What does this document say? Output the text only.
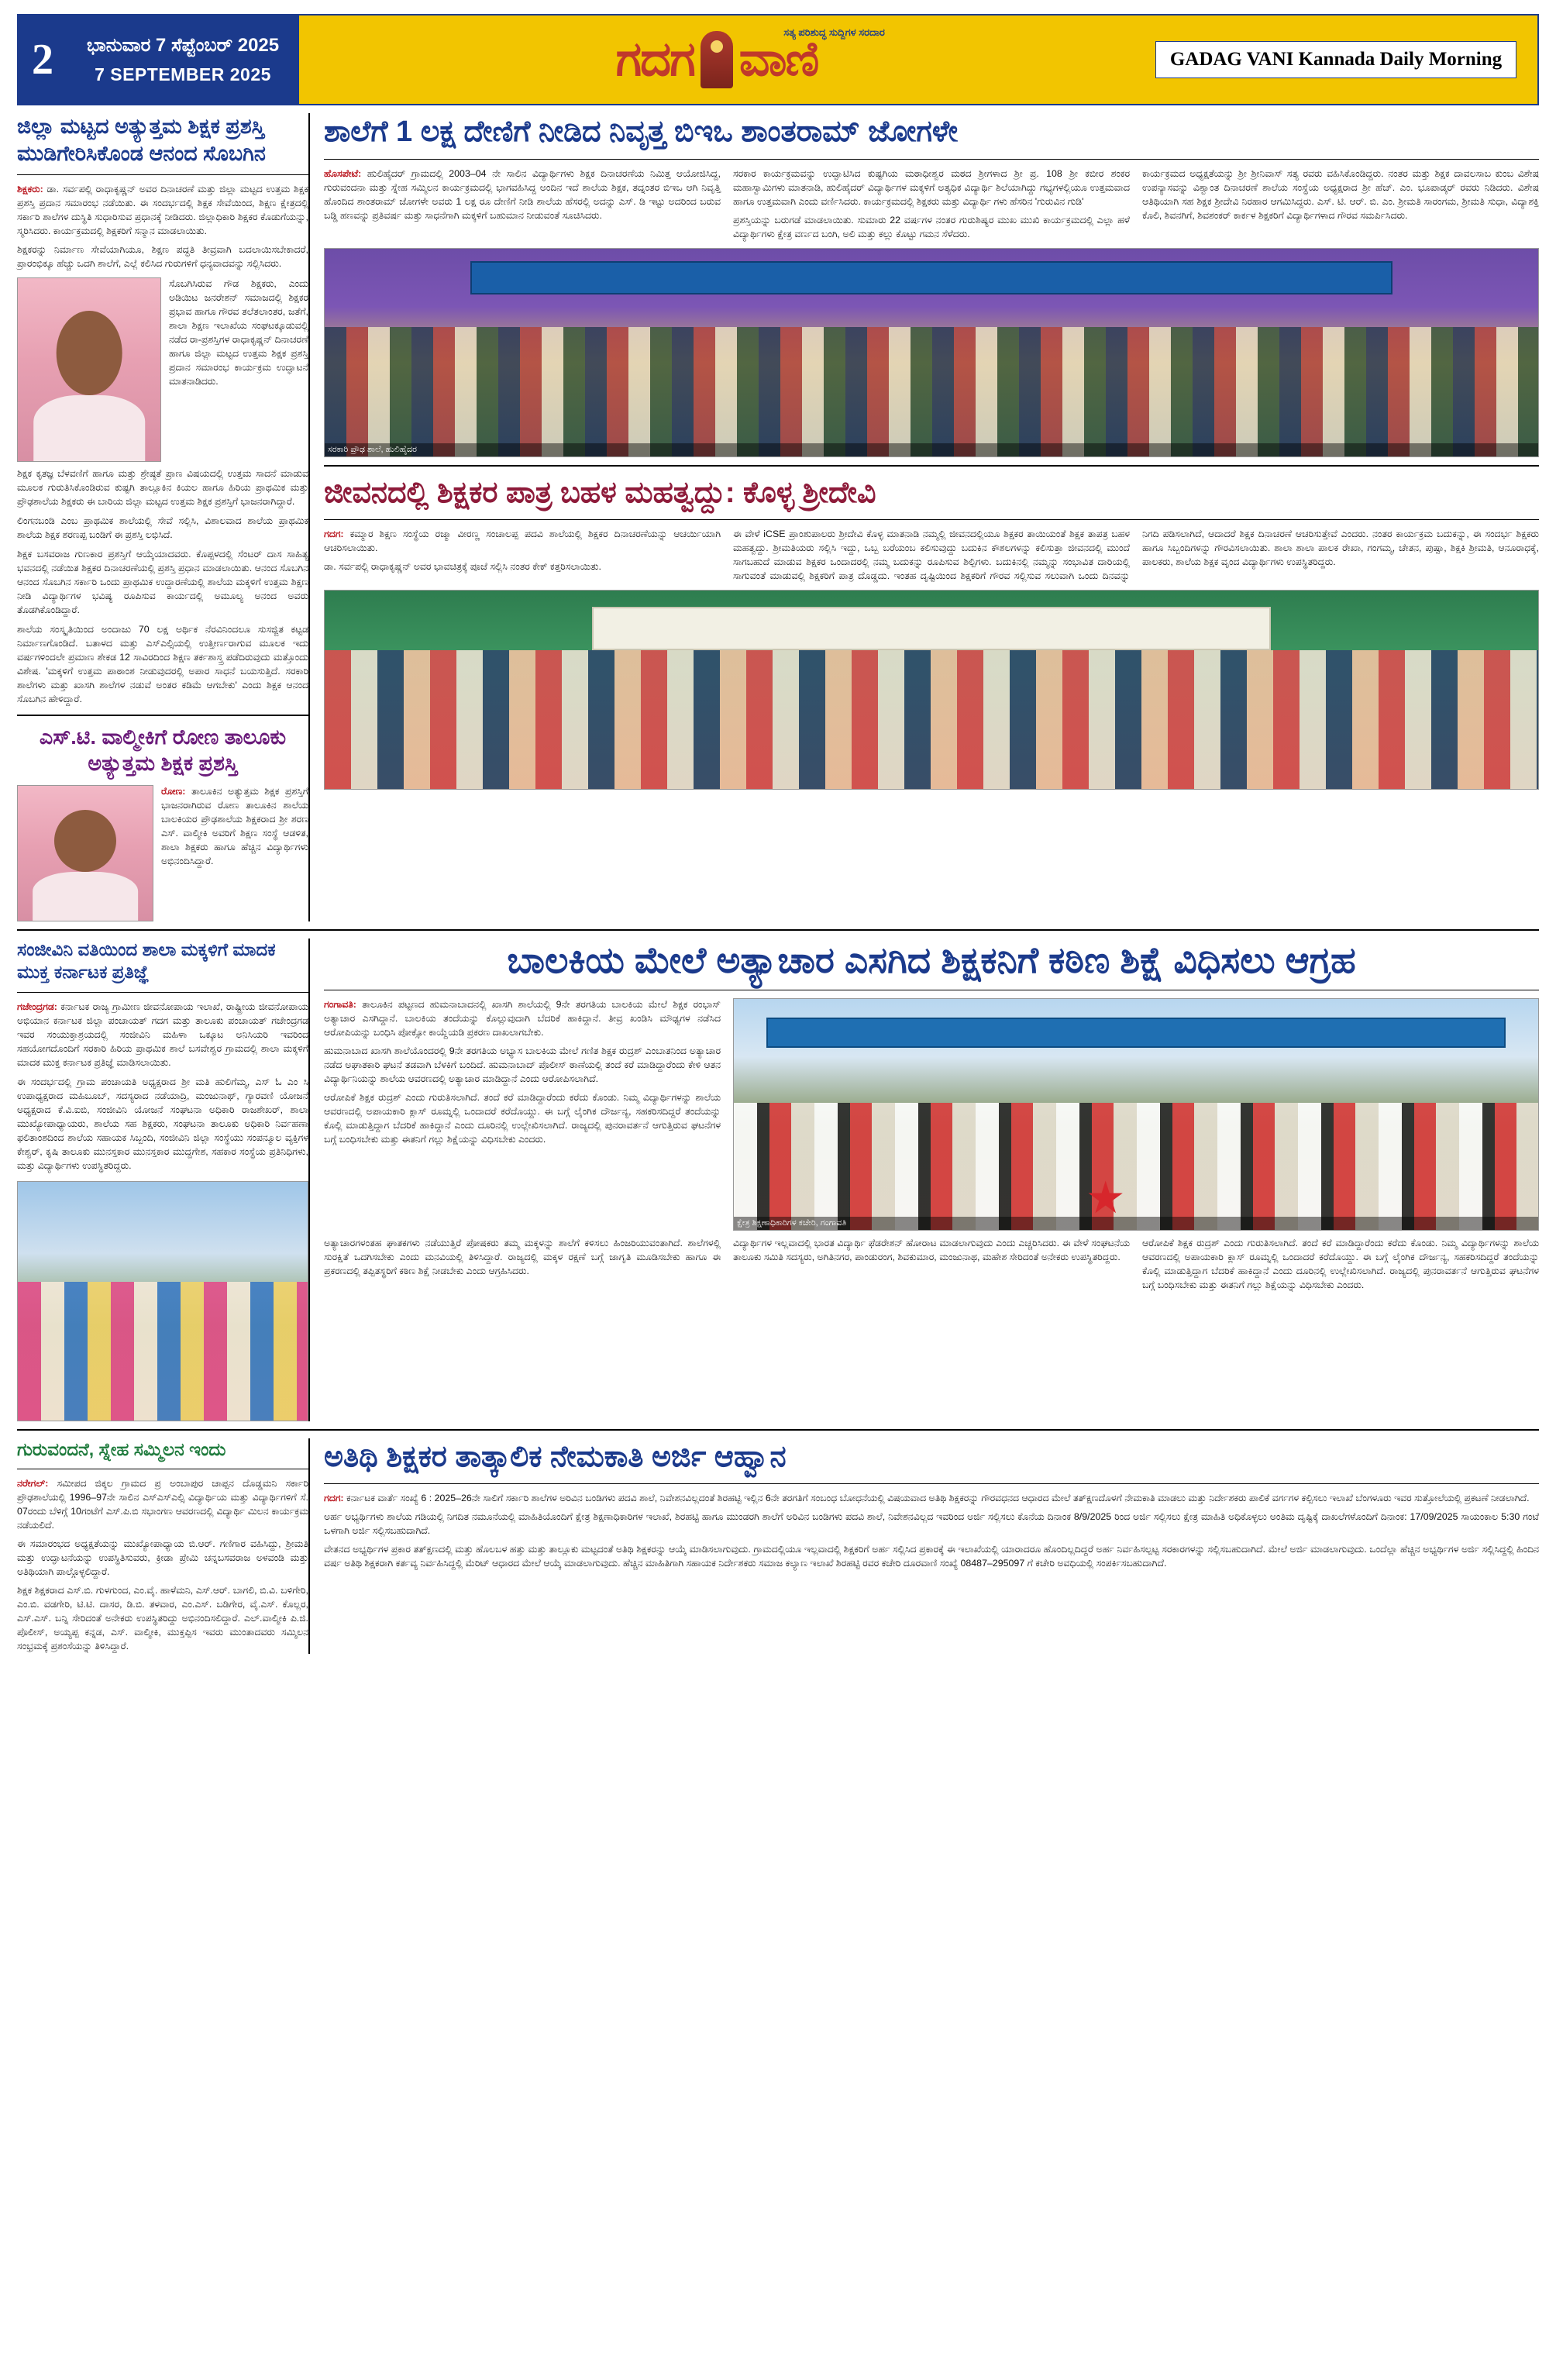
2	ಭಾನುವಾರ 7 ಸೆಪ್ಟೆಂಬರ್ 2025
7 SEPTEMBER 2025	ಗದಗ ವಾಣಿ
ಸತ್ಯ ಪರಿಶುದ್ಧ ಸುದ್ದಿಗಳ ಸರದಾರ
GADAG VANI Kannada Daily Morning
ಜಿಲ್ಲಾ ಮಟ್ಟದ ಅತ್ಯುತ್ತಮ ಶಿಕ್ಷಕ ಪ್ರಶಸ್ತಿ ಮುಡಿಗೇರಿಸಿಕೊಂಡ ಆನಂದ ಸೊಬಗಿನ
ಶಿಕ್ಷಕರು: ಡಾ. ಸರ್ವಪಲ್ಲಿ ರಾಧಾಕೃಷ್ಣನ್ ಅವರ ದಿನಾಚರಣೆ ಮತ್ತು ಜಿಲ್ಲಾ ಮಟ್ಟದ ಉತ್ತಮ ಶಿಕ್ಷಕ ಪ್ರಶಸ್ತಿ ಪ್ರದಾನ ಸಮಾರಂಭ ನಡೆಯಿತು. ಈ ಸಂದರ್ಭದಲ್ಲಿ ಶಿಕ್ಷಕ ಸೇವೆಯಿಂದ, ಶಿಕ್ಷಣ ಕ್ಷೇತ್ರದಲ್ಲಿ ಸರ್ಕಾರಿ ಶಾಲೆಗಳ ದುಸ್ಥಿತಿ ಸುಧಾರಿಸುವ ಪ್ರಧಾನಕ್ಕೆ ನೀಡಿದರು. ಜಿಲ್ಲಾಧಿಕಾರಿ ಶಿಕ್ಷಕರ ಕೊಡುಗೆಯನ್ನು, ಸ್ಮರಿಸಿದರು. ಕಾರ್ಯಕ್ರಮದಲ್ಲಿ ಶಿಕ್ಷಕರಿಗೆ ಸನ್ಮಾನ ಮಾಡಲಾಯಿತು.
ಶಿಕ್ಷಕರನ್ನು ನಿರ್ಮಾಣ ಸೇವೆಯಾಗಿಯೂ, ಶಿಕ್ಷಣ ಪದ್ಧತಿ ತೀವ್ರವಾಗಿ ಬದಲಾಯಿಸಬೇಕಾದರೆ, ಪ್ರಾರಂಭಿಕ್ಕೂ ಹೆಚ್ಚು ಒದಗಿ ಶಾಲೆಗೆ, ಎಲ್ಲೆ ಕಲಿಸಿದ ಗುರುಗಳಿಗೆ ಧನ್ಯವಾದವನ್ನು ಸಲ್ಲಿಸಿದರು.
ಸೊಬಗಿಸಿರುವ ಗೌಡ ಶಿಕ್ಷಕರು, ಎಂದು ಅಡಿಯಿಟ ಜನರೇಶನ್ ಸಮಾಜದಲ್ಲಿ ಶಿಕ್ಷಕರ ಪ್ರಭಾವ ಹಾಗೂ ಗೌರವ ತಲೆತಲಾಂತರ, ಜತೆಗೆ, ಶಾಲಾ ಶಿಕ್ಷಣ ಇಲಾಖೆಯ ಸಂಘಟಕ್ಕೂಡುವಲ್ಲಿ ನಡೆದ ರಾ-ಪ್ರಶಸ್ತಿಗಳ ರಾಧಾಕೃಷ್ಣನ್ ದಿನಾಚರಣೆ ಹಾಗೂ ಜಿಲ್ಲಾ ಮಟ್ಟದ ಉತ್ತಮ ಶಿಕ್ಷಕ ಪ್ರಶಸ್ತಿ ಪ್ರದಾನ ಸಮಾರಂಭ ಕಾರ್ಯಕ್ರಮ ಉದ್ಘಾಟನೆ ಮಾತನಾಡಿದರು.
ಶಿಕ್ಷಕ ಕೃತಜ್ಞ ಬೆಳವಣಿಗೆ ಹಾಗೂ ಮತ್ತು ಶ್ರೇಷ್ಠತೆ ಪ್ರಾಣ ವಿಷಯದಲ್ಲಿ ಉತ್ತಮ ಸಾದನೆ ಮಾಡುವ ಮೂಲಕ ಗುರುತಿಸಿಕೊಂಡಿರುವ ಕುಷ್ಟಗಿ ತಾಲ್ಲೂಕಿನ ಕಿಯಲ ಹಾಗೂ ಹಿರಿಯ ಪ್ರಾಥಮಿಕ ಮತ್ತು ಪ್ರೌಢಶಾಲೆಯ ಶಿಕ್ಷಕರು ಈ ಬಾರಿಯ ಜಿಲ್ಲಾ ಮಟ್ಟದ ಉತ್ತಮ ಶಿಕ್ಷಕ ಪ್ರಶಸ್ತಿಗೆ ಭಾಜನರಾಗಿದ್ದಾರೆ.
ಲಿಂಗನಬಂಡಿ ಎಂಬ ಪ್ರಾಥಮಿಕ ಶಾಲೆಯಲ್ಲಿ ಸೇವೆ ಸಲ್ಲಿಸಿ, ವಿಶಾಲವಾದ ಶಾಲೆಯ ಪ್ರಾಥಮಿಕ ಶಾಲೆಯ ಶಿಕ್ಷಕ ಶರಣಪ್ಪ ಬಂಡಿಗೆ ಈ ಪ್ರಶಸ್ತಿ ಲಭಿಸಿದೆ.
ಶಿಕ್ಷಕ ಬಸವರಾಜ ಗುಣಕಾರ ಪ್ರಶಸ್ತಿಗೆ ಆಯ್ಕೆಯಾದವರು. ಕೊಪ್ಪಳದಲ್ಲಿ ಸೆಂಟರ್ ದಾಸ ಸಾಹಿತ್ಯ ಭವನದಲ್ಲಿ ನಡೆಯಿತ ಶಿಕ್ಷಕರ ದಿನಾಚರಣೆಯಲ್ಲಿ ಪ್ರಶಸ್ತಿ ಪ್ರಧಾನ ಮಾಡಲಾಯಿತು. ಆನಂದ ಸೊಬಗಿನ ಆನಂದ ಸೊಬಗಿನ ಸರ್ಕಾರಿ ಒಂದು ಪ್ರಾಥಮಿಕ ಉದ್ದಾರಣೆಯಲ್ಲಿ ಶಾಲೆಯ ಮಕ್ಕಳಿಗೆ ಉತ್ತಮ ಶಿಕ್ಷಣ ನೀಡಿ ವಿದ್ಯಾರ್ಥಿಗಳ ಭವಿಷ್ಯ ರೂಪಿಸುವ ಕಾರ್ಯದಲ್ಲಿ ಅಮೂಲ್ಯ ಅನಂದ ಅವರು ತೊಡಗಿಕೊಂಡಿದ್ದಾರೆ.
ಶಾಲೆಯ ಸಂಸ್ಕೃತಿಯಿಂದ ಅಂದಾಜು 70 ಲಕ್ಷ ಅರ್ಥಿಕ ನೆರವಿನಿಂದಲೂ ಸುಸಜ್ಜಿತ ಕಟ್ಟಡ ನಿರ್ಮಾಣಗೊಂಡಿದೆ. ಬತಾಳದ ಮತ್ತು ಎಸ್ಎಲ್ಸಿಯಲ್ಲಿ ಉತ್ತೀರ್ಣರಾಗುವ ಮೂಲಕ ಇದು ವರ್ಷಗಳಿಂದಲೇ ಪ್ರಮಾಣ ಶೇಕಡ 12 ಸಾವಿರದಿಂದ ಶಿಕ್ಷಣ ತರ್ಕಶಾಸ್ತ್ರ ಪಡೆದಿರುವುದು ಮತ್ತೊಂದು ವಿಶೇಷ. 'ಮಕ್ಕಳಿಗೆ ಉತ್ತಮ ಪಾಠಾಂಶ ನೀಡುವುದರಲ್ಲಿ ಅಪಾರ ಸಾಧನೆ ಬಯಸುತ್ತಿದೆ. ಸರಕಾರಿ ಶಾಲೆಗಳು ಮತ್ತು ಖಾಸಗಿ ಶಾಲೆಗಳ ನಡುವೆ ಅಂತರ ಕಡಿಮೆ ಆಗಬೇಕು' ಎಂದು ಶಿಕ್ಷಕ ಆನಂದ ಸೊಬಗಿನ ಹೇಳಿದ್ದಾರೆ.
ಎಸ್.ಟಿ. ವಾಲ್ಮೀಕಿಗೆ ರೋಣ ತಾಲೂಕು ಅತ್ಯುತ್ತಮ ಶಿಕ್ಷಕ ಪ್ರಶಸ್ತಿ
ರೋಣ: ತಾಲೂಕಿನ ಅತ್ಯುತ್ತಮ ಶಿಕ್ಷಕ ಪ್ರಶಸ್ತಿಗೆ ಭಾಜನರಾಗಿರುವ ರೋಣ ತಾಲೂಕಿನ ಶಾಲೆಯ ಬಾಲಕಿಯರ ಪ್ರೌಢಶಾಲೆಯ ಶಿಕ್ಷಕರಾದ ಶ್ರೀ ಶರಣ ಎಸ್. ವಾಲ್ಮೀಕಿ ಅವರಿಗೆ ಶಿಕ್ಷಣ ಸಂಸ್ಥೆ ಆಡಳಿತ, ಶಾಲಾ ಶಿಕ್ಷಕರು ಹಾಗೂ ಹೆಚ್ಚಿನ ವಿದ್ಯಾರ್ಥಿಗಳು ಅಭಿನಂದಿಸಿದ್ದಾರೆ.
ಶಾಲೆಗೆ 1 ಲಕ್ಷ ದೇಣಿಗೆ ನೀಡಿದ ನಿವೃತ್ತ ಬಿಇಒ ಶಾಂತರಾಮ್ ಜೋಗಳೇ
ಹೊಸಪೇಟೆ: ಹುಲಿಹೈದರ್ ಗ್ರಾಮದಲ್ಲಿ 2003–04 ನೇ ಸಾಲಿನ ವಿದ್ಯಾರ್ಥಿಗಳು ಶಿಕ್ಷಕ ದಿನಾಚರಣೆಯ ನಿಮಿತ್ತ ಆಯೋಜಿಸಿದ್ದ, ಗುರುವಂದನಾ ಮತ್ತು ಸ್ನೇಹ ಸಮ್ಮಿಲನ ಕಾರ್ಯಕ್ರಮದಲ್ಲಿ ಭಾಗವಹಿಸಿದ್ದ ಅಂದಿನ ಇದೆ ಶಾಲೆಯ ಶಿಕ್ಷಕ, ತದ್ನಂತರ ಬಿಇಒ ಆಗಿ ನಿವೃತ್ತಿ ಹೊಂದಿದ ಶಾಂತರಾಮ್ ಜೋಗಳೇ ಅವರು 1 ಲಕ್ಷ ರೂ ದೇಣಿಗೆ ನೀಡಿ ಶಾಲೆಯ ಹೆಸರಲ್ಲಿ ಅದನ್ನು ಎಸ್. ಡಿ ಇಟ್ಟು ಅದರಿಂದ ಬರುವ ಬಡ್ಡಿ ಹಣವನ್ನು ಪ್ರತಿವರ್ಷ ಮತ್ತು ಸಾಧನೆಗಾಗಿ ಮಕ್ಕಳಿಗೆ ಬಹುಮಾನ ನೀಡುವಂತೆ ಸೂಚಿಸಿದರು.
ಸರಕಾರ ಕಾರ್ಯಕ್ರಮವನ್ನು ಉದ್ಘಾಟಿಸಿದ ಕುಷ್ಟಗಿಯ ಮಠಾಧೀಶ್ವರ ಮಠದ ಶ್ರೀಗಳಾದ ಶ್ರೀ ಪ್ರ. 108 ಶ್ರೀ ಕಬೀರ ಶಂಕರ ಮಹಾಸ್ವಾಮಿಗಳು ಮಾತನಾಡಿ, ಹುಲಿಹೈದರ್ ವಿದ್ಯಾರ್ಥಿಗಳ ಮಕ್ಕಳಿಗೆ ಅತ್ಯಧಿಕ ವಿದ್ಯಾರ್ಥಿ ಶಿಲೆಯಾಗಿದ್ದು ಗಭ್ಯಗಳಲ್ಲಿಯೂ ಉತ್ತಮವಾದ ಹಾಗೂ ಉತ್ತಮವಾಗಿ ಎಂದು ವರ್ಣಿಸಿದರು. ಕಾರ್ಯಕ್ರಮದಲ್ಲಿ ಶಿಕ್ಷಕರು ಮತ್ತು ವಿದ್ಯಾರ್ಥಿ ಗಳು ಹೆಸರಿನ 'ಗುರುವಿನ ಗುಡಿ'
ಪ್ರಶಸ್ತಿಯನ್ನು ಬರುಗಡೆ ಮಾಡಲಾಯಿತು. ಸುಮಾರು 22 ವರ್ಷಗಳ ನಂತರ ಗುರುಶಿಷ್ಯರ ಮುಖ ಮುಖಿ ಕಾರ್ಯಕ್ರಮದಲ್ಲಿ ಎಲ್ಲಾ ಹಳೆ ವಿದ್ಯಾರ್ಥಿಗಳು ಕ್ಷೇತ್ರ ವರ್ಣದ ಬಂಗಿ, ಅಲಿ ಮತ್ತು ಕಲ್ಲು ಕೊಟ್ಟು ಗಮನ ಸೆಳೆದರು.
ಕಾರ್ಯಕ್ರಮದ ಅಧ್ಯಕ್ಷತೆಯನ್ನು ಶ್ರೀ ಶ್ರೀನಿವಾಸ್ ಸತ್ಯ ರವರು ವಹಿಸಿಕೊಂಡಿದ್ದರು. ನಂತರ ಮತ್ತು ಶಿಕ್ಷಕ ದಾವಲಸಾಬ ಕುಂಬ ವಿಶೇಷ ಉಪನ್ಯಾಸವನ್ನು ವಿಶ್ವಾಂತ ದಿನಾಚರಣೆ ಶಾಲೆಯ ಸಂಸ್ಥೆಯ ಅಧ್ಯಕ್ಷರಾದ ಶ್ರೀ ಹೆಚ್. ಎಂ. ಭೂಪಾಡ್ಕರ್ ರವರು ನಿಡಿದರು. ವಿಶೇಷ ಆತಿಥಿಯಾಗಿ ಸಹ ಶಿಕ್ಷಕ ಶ್ರೀದೇವಿ ನಿರಹಾರ ಆಗಮಿಸಿದ್ದರು. ಎಸ್. ಟಿ. ಆರ್. ಬಿ. ಎಂ. ಶ್ರೀಮತಿ ಸಾರಂಗಮ, ಶ್ರೀಮತಿ ಸುಧಾ, ವಿದ್ಯಾಶಕ್ತಿ ಕೊಲಿ, ಶಿವನಗಿಗೆ, ಶಿವಶಂಕರ್ ಕಾರ್ಕಳ ಶಿಕ್ಷಕರಿಗೆ ವಿದ್ಯಾರ್ಥಿಗಳಾದ ಗೌರವ ಸಮರ್ಪಿಸಿದರು.
ಸರಕಾರಿ ಪ್ರೌಢ ಶಾಲೆ, ಹುಲಿಹೈದರ
ಜೀವನದಲ್ಲಿ ಶಿಕ್ಷಕರ ಪಾತ್ರ ಬಹಳ ಮಹತ್ವದ್ದು: ಕೊಳ್ಳ ಶ್ರೀದೇವಿ
ಗದಗ: ಕಮ್ಮಾರ ಶಿಕ್ಷಣ ಸಂಸ್ಥೆಯ ರಜ್ಮಾ ವೀರಣ್ಣ ಸಂಚಾಲಪ್ಪ ಪದವಿ ಶಾಲೆಯಲ್ಲಿ ಶಿಕ್ಷಕರ ದಿನಾಚರಣೆಯನ್ನು ಆಚರ್ಯಿಯಾಗಿ ಆಚರಿಸಲಾಯಿತು.
ಡಾ. ಸರ್ವಪಲ್ಲಿ ರಾಧಾಕೃಷ್ಣನ್ ಅವರ ಭಾವಚಿತ್ರಕ್ಕೆ ಪೂಜೆ ಸಲ್ಲಿಸಿ ನಂತರ ಕೇಕ್ ಕತ್ತರಿಸಲಾಯಿತು.
ಈ ವೇಳೆ iCSE ಪ್ರಾಂಶುಪಾಲರು ಶ್ರೀದೇವಿ ಕೊಳ್ಳ ಮಾತನಾಡಿ ನಮ್ಮಲ್ಲಿ ಜೀವನದಲ್ಲಿಯೂ ಶಿಕ್ಷಕರ ತಾಯಿಯಂತೆ ಶಿಕ್ಷಕ ತಾಪತ್ರ ಬಹಳ ಮಹತ್ವದ್ದು. ಶ್ರೀಮತಿಯರು ಸಲ್ಲಿಸಿ ಇದ್ದು, ಒಬ್ಬ ಬರೆಯಂಬ ಕಲಿಸುವುದ್ದು ಬದುಕಿನ ಕೌಶಲಗಳನ್ನು ಕಲಿಸುತ್ತಾ ಜೀವನದಲ್ಲಿ ಮುಂದೆ ಸಾಗಬಹುದೆ ಮಾಡುವ ಶಿಕ್ಷಕರ ಒಂದಾದರಲ್ಲಿ ನಮ್ಮ ಬದುಕನ್ನು ರೂಪಿಸುವ ಶಿಲ್ಪಿಗಳು. ಬದುಕಿನಲ್ಲಿ ನಮ್ಮನ್ನು ಸಂಭಾವಿತ ದಾರಿಯಲ್ಲಿ ಸಾಗುವಂತೆ ಮಾಡುವಲ್ಲಿ ಶಿಕ್ಷಕರಿಗೆ ಪಾತ್ರ ದೊಡ್ಡದು. ಇಂತಹ ದೃಷ್ಟಿಯಿಂದ ಶಿಕ್ಷಕರಿಗೆ ಗೌರವ ಸಲ್ಲಿಸುವ ಸಲುವಾಗಿ ಒಂದು ದಿನವನ್ನು ನಿಗದಿ ಪಡಿಸಲಾಗಿದೆ, ಆದಾದರೆ ಶಿಕ್ಷಕ ದಿನಾಚರಣೆ ಆಚರಿಸುತ್ತೇವೆ ಎಂದರು. ನಂತರ ಕಾರ್ಯಕ್ರಮ ಬದುಕನ್ನು, ಈ ಸಂದರ್ಭ ಶಿಕ್ಷಕರು ಹಾಗೂ ಸಿಬ್ಬಂದಿಗಳನ್ನು ಗೌರವಿಸಲಾಯಿತು. ಶಾಲಾ ಶಾಲಾ ಪಾಲಕ ರೇಖಾ, ಗಂಗಮ್ಮ, ಚೇತನ, ಪುಷ್ಪಾ, ಶಿಕ್ಷಕಿ ಶ್ರೀಮತಿ, ಆನೂರಾಧಕ್ಕೆ, ಪಾಲಕರು, ಶಾಲೆಯ ಶಿಕ್ಷಕ ವೃಂದ ವಿದ್ಯಾರ್ಥಿಗಳು ಉಪಸ್ಥಿತರಿದ್ದರು.
ಸಂಜೀವಿನಿ ವತಿಯಿಂದ ಶಾಲಾ ಮಕ್ಕಳಿಗೆ ಮಾದಕ ಮುಕ್ತ ಕರ್ನಾಟಕ ಪ್ರತಿಜ್ಞೆ
ಗಜೇಂದ್ರಗಡ: ಕರ್ನಾಟಕ ರಾಜ್ಯ ಗ್ರಾಮೀಣ ಜೀವನೋಪಾಯ ಇಲಾಖೆ, ರಾಷ್ಟ್ರೀಯ ಜೀವನೋಪಾಯ ಅಭಿಯಾನ ಕರ್ನಾಟಕ ಜಿಲ್ಲಾ ಪಂಚಾಯತ್ ಗದಗ ಮತ್ತು ತಾಲೂಕು ಪಂಚಾಯತ್ ಗಜೇಂದ್ರಗಡ ಇವರ ಸಂಯುಕ್ತಾಶ್ರಯದಲ್ಲಿ ಸಂಜೀವಿನಿ ಮಹಿಳಾ ಒಕ್ಕೂಟ ಅನಿಸಿಯರಿ ಇವರಿಂದ ಸಹಯೋಗದೊಂದಿಗೆ ಸರಕಾರಿ ಹಿರಿಯ ಪ್ರಾಥಮಿಕ ಶಾಲೆ ಬಸವೇಶ್ವರ ಗ್ರಾಮದಲ್ಲಿ ಶಾಲಾ ಮಕ್ಕಳಿಗೆ ಮಾದಕ ಮುಕ್ತ ಕರ್ನಾಟಕ ಪ್ರತಿಜ್ಞೆ ಮಾಡಿಸಲಾಯಿತು.
ಈ ಸಂದರ್ಭದಲ್ಲಿ ಗ್ರಾಮ ಪಂಚಾಯತಿ ಅಧ್ಯಕ್ಷರಾದ ಶ್ರೀ ಮತಿ ಹುಲಿಗೆಮ್ಮ, ಎಸ್ ಓ ಎಂ ಸಿ ಉಪಾಧ್ಯಕ್ಷರಾದ ಮಹಿಬೂಬ್, ಸದಸ್ಯರಾದ ನಡೆಯಾದ್ರಿ, ಮಂಜುನಾಥ್, ಗ್ಯಾರವಣಿ ಯೋಜನೆ ಅಧ್ಯಕ್ಷರಾದ ಕೆ.ವಿ.ಐಬಿ, ಸಂಜೀವಿನಿ ಯೋಜನೆ ಸಂಘಟನಾ ಅಧಿಕಾರಿ ರಾಜಶೇಖರ್, ಶಾಲಾ ಮುಖ್ಯೋಪಾಧ್ಯಾಯರು, ಶಾಲೆಯ ಸಹ ಶಿಕ್ಷಕರು, ಸಂಘಟನಾ ತಾಲೂಕು ಅಧಿಕಾರಿ ನಿರ್ವಹಣಾ ಫಲಿತಾಂಶದಿಂದ ಶಾಲೆಯ ಸಹಾಯಕ ಸಿಬ್ಬಂದಿ, ಸಂಜೀವಿನಿ ಜಿಲ್ಲಾ ಸಂಸ್ಥೆಯು ಸಂಪನ್ಮೂಲ ವ್ಯಕ್ತಿಗಳ ಕೇಶ್ವರ್, ಕೃಷಿ ತಾಲೂಕು ಮುನಸ್ತಕಾರ ಮುನಸ್ತಕಾರ ಮುದ್ದಗೇಶ, ಸಹಕಾರ ಸಂಸ್ಥೆಯ ಪ್ರತಿನಿಧಿಗಳು, ಮತ್ತು ವಿದ್ಯಾರ್ಥಿಗಳು ಉಪಸ್ಥಿತರಿದ್ದರು.
ಬಾಲಕಿಯ ಮೇಲೆ ಅತ್ಯಾಚಾರ ಎಸಗಿದ ಶಿಕ್ಷಕನಿಗೆ ಕಠಿಣ ಶಿಕ್ಷೆ ವಿಧಿಸಲು ಆಗ್ರಹ
ಗಂಗಾವತಿ: ತಾಲೂಕಿನ ಪಟ್ಟಣದ ಹುಮನಾಬಾದನಲ್ಲಿ ಖಾಸಗಿ ಶಾಲೆಯಲ್ಲಿ 9ನೇ ತರಗತಿಯ ಬಾಲಕಿಯ ಮೇಲೆ ಶಿಕ್ಷಕ ರಂಭಾಸ್ ಅತ್ಯಾಚಾರ ಎಸಗಿದ್ದಾನೆ. ಬಾಲಕಿಯ ತಂದೆಯನ್ನು ಕೊಲ್ಲುವುದಾಗಿ ಬೆದರಿಕೆ ಹಾಕಿದ್ದಾನೆ. ತೀವ್ರ ಖಂಡಿಸಿ ಮೌಢ್ಯಗಳ ನಡೆಸಿದ ಆರೋಪಿಯನ್ನು ಬಂಧಿಸಿ ಪೋಕ್ಸೋ ಕಾಯ್ದೆಯಡಿ ಪ್ರಕರಣ ದಾಖಲಾಗಬೇಕು.
ಹುಮನಾಬಾದ ಖಾಸಗಿ ಶಾಲೆಯೊಂದರಲ್ಲಿ 9ನೇ ತರಗತಿಯ ಅಭ್ಯಾಸ ಬಾಲಕಿಯ ಮೇಲೆ ಗಣಿತ ಶಿಕ್ಷಕ ರುದ್ರಶ್ ಎಂಬಾತನಿಂದ ಅತ್ಯಾಚಾರ ನಡೆದ ಅಘಾತಕಾರಿ ಘಟನೆ ತಡವಾಗಿ ಬೆಳಕಿಗೆ ಬಂದಿದೆ. ಹುಮನಾಬಾದ್ ಪೊಲೀಸ್ ಠಾಣೆಯಲ್ಲಿ ತಂದೆ ಕರೆ ಮಾಡಿದ್ದಾರೆಂದು ಕೇಳಿ ಆತನ ವಿದ್ಯಾರ್ಥಿನಿಯನ್ನು ಶಾಲೆಯ ಆವರಣದಲ್ಲಿ ಅತ್ಯಾಚಾರ ಮಾಡಿದ್ದಾನೆ ಎಂದು ಆರೋಪಿಸಲಾಗಿದೆ.
ಆರೋಪಿಕೆ ಶಿಕ್ಷಕ ರುದ್ರಶ್ ಎಂದು ಗುರುತಿಸಲಾಗಿದೆ. ತಂದೆ ಕರೆ ಮಾಡಿದ್ದಾರೆಂದು ಕರೆದು ಕೊಂಡು. ನಿಮ್ಮ ವಿದ್ಯಾರ್ಥಿಗಳನ್ನು ಶಾಲೆಯ ಆವರಣದಲ್ಲಿ ಅಪಾಯಕಾರಿ ಕ್ಲಾಸ್ ರೂಮ್ನಲ್ಲಿ ಒಂದಾದರೆ ಕರೆದೊಯ್ದು. ಈ ಬಗ್ಗೆ ಲೈಂಗಿಕ ದೌರ್ಜನ್ಯ, ಸಹಕರಿಸದಿದ್ದರೆ ತಂದೆಯನ್ನು ಕೊಲ್ಲಿ ಮಾಡುತ್ತಿದ್ದಾಗ ಬೆದರಿಕೆ ಹಾಕಿದ್ದಾನೆ ಎಂದು ದೂರಿನಲ್ಲಿ ಉಲ್ಲೇಖಿಸಲಾಗಿದೆ. ರಾಜ್ಯದಲ್ಲಿ ಪುನರಾವರ್ತನೆ ಆಗುತ್ತಿರುವ ಘಟನೆಗಳ ಬಗ್ಗೆ ಬಂಧಿಸಬೇಕು ಮತ್ತು ಈತನಿಗೆ ಗಲ್ಲು ಶಿಕ್ಷೆಯನ್ನು ವಿಧಿಸಬೇಕು ಎಂದರು.
ಕ್ಷೇತ್ರ ಶಿಕ್ಷಣಾಧಿಕಾರಿಗಳ ಕಚೇರಿ, ಗಂಗಾವತಿ
ಅತ್ಯಾಚಾರಗಳಂತಹ ಘಾತಕಗಳು ನಡೆಯುತ್ತಿರೆ ಪೋಷಕರು ತಮ್ಮ ಮಕ್ಕಳನ್ನು ಶಾಲೆಗೆ ಕಳಿಸಲು ಹಿಂಜರಿಯುವಂತಾಗಿದೆ. ಶಾಲೆಗಳಲ್ಲಿ ಸುರಕ್ಷಿತೆ ಒದಗಿಸಬೇಕು ಎಂದು ಮನವಿಯಲ್ಲಿ ತಿಳಿಸಿದ್ದಾರೆ. ರಾಜ್ಯದಲ್ಲಿ ಮಕ್ಕಳ ರಕ್ಷಣೆ ಬಗ್ಗೆ ಜಾಗೃತಿ ಮೂಡಿಸಬೇಕು ಹಾಗೂ ಈ ಪ್ರಕರಣದಲ್ಲಿ ತಪ್ಪಿತಸ್ಥರಿಗೆ ಕಠಿಣ ಶಿಕ್ಷೆ ನೀಡಬೇಕು ಎಂದು ಆಗ್ರಹಿಸಿದರು.
ವಿದ್ಯಾರ್ಥಿಗಳ ಇಲ್ಲವಾದಲ್ಲಿ ಭಾರತ ವಿದ್ಯಾರ್ಥಿ ಫೆಡರೇಶನ್ ಹೋರಾಟ ಮಾಡಲಾಗುವುದು ಎಂದು ಎಚ್ಚರಿಸಿದರು. ಈ ವೇಳೆ ಸಂಘಟನೆಯ ತಾಲೂಕು ಸಮಿತಿ ಸದಸ್ಯರು, ಅಗಿತಿನಗರ, ಪಾಂಡುರಂಗ, ಶಿವಕುಮಾರ, ಮಂಜುನಾಥ, ಮಹೇಶ ಸೇರಿದಂತೆ ಅನೇಕರು ಉಪಸ್ಥಿತರಿದ್ದರು.
ಆರೋಪಿಕೆ ಶಿಕ್ಷಕ ರುದ್ರಶ್ ಎಂದು ಗುರುತಿಸಲಾಗಿದೆ. ತಂದೆ ಕರೆ ಮಾಡಿದ್ದಾರೆಂದು ಕರೆದು ಕೊಂಡು. ನಿಮ್ಮ ವಿದ್ಯಾರ್ಥಿಗಳನ್ನು ಶಾಲೆಯ ಆವರಣದಲ್ಲಿ ಅಪಾಯಕಾರಿ ಕ್ಲಾಸ್ ರೂಮ್ನಲ್ಲಿ ಒಂದಾದರೆ ಕರೆದೊಯ್ದು. ಈ ಬಗ್ಗೆ ಲೈಂಗಿಕ ದೌರ್ಜನ್ಯ, ಸಹಕರಿಸದಿದ್ದರೆ ತಂದೆಯನ್ನು ಕೊಲ್ಲಿ ಮಾಡುತ್ತಿದ್ದಾಗ ಬೆದರಿಕೆ ಹಾಕಿದ್ದಾನೆ ಎಂದು ದೂರಿನಲ್ಲಿ ಉಲ್ಲೇಖಿಸಲಾಗಿದೆ. ರಾಜ್ಯದಲ್ಲಿ ಪುನರಾವರ್ತನೆ ಆಗುತ್ತಿರುವ ಘಟನೆಗಳ ಬಗ್ಗೆ ಬಂಧಿಸಬೇಕು ಮತ್ತು ಈತನಿಗೆ ಗಲ್ಲು ಶಿಕ್ಷೆಯನ್ನು ವಿಧಿಸಬೇಕು ಎಂದರು.
ಗುರುವಂದನೆ, ಸ್ನೇಹ ಸಮ್ಮಿಲನ ಇಂದು
ನರೇಗಲ್: ಸಮೀಪದ ಜಿಕ್ಕಲ ಗ್ರಾಮದ ಪ್ರ ಅಂಬಾಪುರ ಚಾಪ್ಪನ ದೊಡ್ಡಮನಿ ಸರ್ಕಾರಿ ಪ್ರೌಢಶಾಲೆಯಲ್ಲಿ 1996–97ನೇ ಸಾಲಿನ ಎಸ್ಎಸ್ಎಲ್ಸಿ ವಿದ್ಯಾರ್ಥಿಯ ಮತ್ತು ವಿದ್ಯಾರ್ಥಿಗಳಿಗೆ ಸೆ. 07ರಂದು ಬೆಳಿಗ್ಗೆ 10ಗಂಟೆಗೆ ಎಸ್.ಪಿ.ಬಿ ಸಭಾಂಗಣ ಆವರಣದಲ್ಲಿ ವಿದ್ಯಾರ್ಥಿ ಮಿಲನ ಕಾರ್ಯಕ್ರಮ ನಡೆಯಲಿದೆ.
ಈ ಸಮಾರಂಭದ ಅಧ್ಯಕ್ಷತೆಯನ್ನು ಮುಖ್ಯೋಪಾಧ್ಯಾಯ ಬಿ.ಆರ್. ಗಣಿಗಾರ ವಹಿಸಿದ್ದು, ಶ್ರೀಮತಿ ಮತ್ತು ಉದ್ಘಾಟನೆಯನ್ನು ಉಪಸ್ಥಿತಿಸುವರು, ಕ್ರೀಡಾ ಪ್ರೇಮಿ ಚನ್ನಬಸವರಾಜ ಅಳವಂಡಿ ಮತ್ತು ಅತಿಥಿಯಾಗಿ ಪಾಲ್ಗೊಳ್ಳಲಿದ್ದಾರೆ.
ಶಿಕ್ಷಕ ಶಿಕ್ಷಕರಾದ ಎಸ್.ಬಿ. ಗುಳಗುಂದ, ಎಂ.ವೈ. ಹಾಳೆಮನಿ, ಎಸ್.ಆರ್. ಬಾಗಲಿ, ಬಿ.ವಿ. ಬಳಿಗೇರಿ, ಎಂ.ಬಿ. ವಡಗೇರಿ, ಟಿ.ಟಿ. ದಾಸರ, ಡಿ.ಬಿ. ತಳವಾರ, ಎಂ.ಎಸ್. ಬಡಿಗೇರ, ವೈ.ಎಸ್. ಕೊಲ್ಲರ, ಎಸ್.ಎಸ್. ಬನ್ನಿ ಸೇರಿದಂತೆ ಅನೇಕರು ಉಪಸ್ಥಿತರಿದ್ದು ಅಭಿನಂದಿಸಲಿದ್ದಾರೆ. ಎಲ್.ವಾಲ್ಮೀಕಿ ಪಿ.ಜಿ. ಪೊಲೀಸ್, ಅಯ್ಯಪ್ಪ ಕನ್ನಡ, ಎಸ್. ವಾಲ್ಮೀಕಿ, ಮುಕ್ತಪ್ಪಿಸ ಇವರು ಮುಂತಾದವರು ಸಮ್ಮಿಲನ ಸಂಭ್ರಮಕ್ಕೆ ಪ್ರಶಂಸೆಯನ್ನು ತಿಳಿಸಿದ್ದಾರೆ.
ಅತಿಥಿ ಶಿಕ್ಷಕರ ತಾತ್ಕಾಲಿಕ ನೇಮಕಾತಿ ಅರ್ಜಿ ಆಹ್ವಾನ
ಗದಗ: ಕರ್ನಾಟಕ ವಾರ್ತೆ ಸಂಖ್ಯೆ 6 : 2025–26ನೇ ಸಾಲಿಗೆ ಸರ್ಕಾರಿ ಶಾಲೆಗಳ ಅರಿವಿನ ಬಂಡಿಗಳು ಪದವಿ ಶಾಲೆ, ನಿವೇಶನವಿಲ್ಲದಂತೆ ಶಿರಹಟ್ಟಿ ಇಲ್ಲಿನ 6ನೇ ತರಗತಿಗೆ ಸಂಬಂಧ ಬೋಧನೆಯಲ್ಲಿ ವಿಷಯವಾದ ಅತಿಥಿ ಶಿಕ್ಷಕರನ್ನು ಗೌರವಧನದ ಆಧಾರದ ಮೇಲೆ ತತ್ಕ್ಷಣದೊಳಗೆ ನೇಮಕಾತಿ ಮಾಡಲು ಮತ್ತು ನಿರ್ದೇಶಕರು ಪಾಲಿಕೆ ವರ್ಗಗಳ ಕಲ್ಪಿಸಲು ಇಲಾಖೆ ಬೆಂಗಳೂರು ಇವರ ಸುತ್ತೋಲೆಯಲ್ಲಿ ಪ್ರಕಟಣೆ ನೀಡಲಾಗಿದೆ.
ಅರ್ಹ ಅಭ್ಯರ್ಥಿಗಳು ಶಾಲೆಯ ಗಡಿಯಲ್ಲಿ ನಿಗದಿತ ನಮೂನೆಯಲ್ಲಿ ಮಾಹಿತಿಯೊಂದಿಗೆ ಕ್ಷೇತ್ರ ಶಿಕ್ಷಣಾಧಿಕಾರಿಗಳ ಇಲಾಖೆ, ಶಿರಹಟ್ಟಿ ಹಾಗೂ ಮುಂಡರಗಿ ಶಾಲೆಗೆ ಅರಿವಿನ ಬಂಡಿಗಳು ಪದವಿ ಶಾಲೆ, ನಿವೇಶನವಿಲ್ಲದ ಇವರಿಂದ ಅರ್ಜಿ ಸಲ್ಲಿಸಲು ಕೊನೆಯ ದಿನಾಂಕ 8/9/2025 ರಿಂದ ಅರ್ಜಿ ಸಲ್ಲಿಸಲು ಕ್ಷೇತ್ರ ಮಾಹಿತಿ ಅಧಿಕೊಳ್ಳಲು ಅಂತಿಮ ದೃಷ್ಟಿಕ್ಕೆ ದಾಖಲೆಗಳೊಂದಿಗೆ ದಿನಾಂಕ: 17/09/2025 ಸಾಯಂಕಾಲ 5:30 ಗಂಟೆ ಒಳಗಾಗಿ ಅರ್ಜಿ ಸಲ್ಲಿಸಬಹುದಾಗಿದೆ.
ವೇತನದ ಅಭ್ಯರ್ಥಿಗಳ ಪ್ರಕಾರ ತತ್ಕ್ಷಣದಲ್ಲಿ ಮತ್ತು ಹೊಲಬಳ ಹತ್ತು ಮತ್ತು ತಾಲ್ಲೂಕು ಮಟ್ಟದಂತೆ ಅತಿಥಿ ಶಿಕ್ಷಕರನ್ನು ಆಯ್ಕೆ ಮಾಡಿಸಲಾಗುವುದು. ಗ್ರಾಮದಲ್ಲಿಯೂ ಇಲ್ಲವಾದಲ್ಲಿ ಶಿಕ್ಷಕರಿಗೆ ಅರ್ಹ ಸಲ್ಲಿಸಿದ ಪ್ರಕಾರಕ್ಕೆ ಈ ಇಲಾಖೆಯಲ್ಲಿ ಯಾರಾದರೂ ಹೊಂದಿಲ್ಲದಿದ್ದರೆ ಅರ್ಹ ನಿರ್ವಹಿಸಲ್ಪಟ್ಟ ಸರಕಾರಗಳನ್ನು ಸಲ್ಲಿಸಬಹುದಾಗಿದೆ. ಮೇಲೆ ಅರ್ಜಿ ಮಾಡಲಾಗುವುದು. ಒಂದೆಲ್ಲಾ ಹೆಚ್ಚಿನ ಅಭ್ಯರ್ಥಿಗಳ ಅರ್ಜಿ ಸಲ್ಲಿಸಿದ್ದಲ್ಲಿ ಹಿಂದಿನ ವರ್ಷ ಅತಿಥಿ ಶಿಕ್ಷಕರಾಗಿ ಕರ್ತವ್ಯ ನಿರ್ವಹಿಸಿದ್ದಲ್ಲಿ ಮೆರಿಟ್ ಆಧಾರದ ಮೇಲೆ ಆಯ್ಕೆ ಮಾಡಲಾಗುವುದು. ಹೆಚ್ಚಿನ ಮಾಹಿತಿಗಾಗಿ ಸಹಾಯಕ ನಿರ್ದೇಶಕರು ಸಮಾಜ ಕಲ್ಯಾಣ ಇಲಾಖೆ ಶಿರಹಟ್ಟಿ ರವರ ಕಚೇರಿ ದೂರವಾಣಿ ಸಂಖ್ಯೆ 08487–295097 ಗೆ ಕಚೇರಿ ಅವಧಿಯಲ್ಲಿ ಸಂಪರ್ಕಿಸಬಹುದಾಗಿದೆ.
